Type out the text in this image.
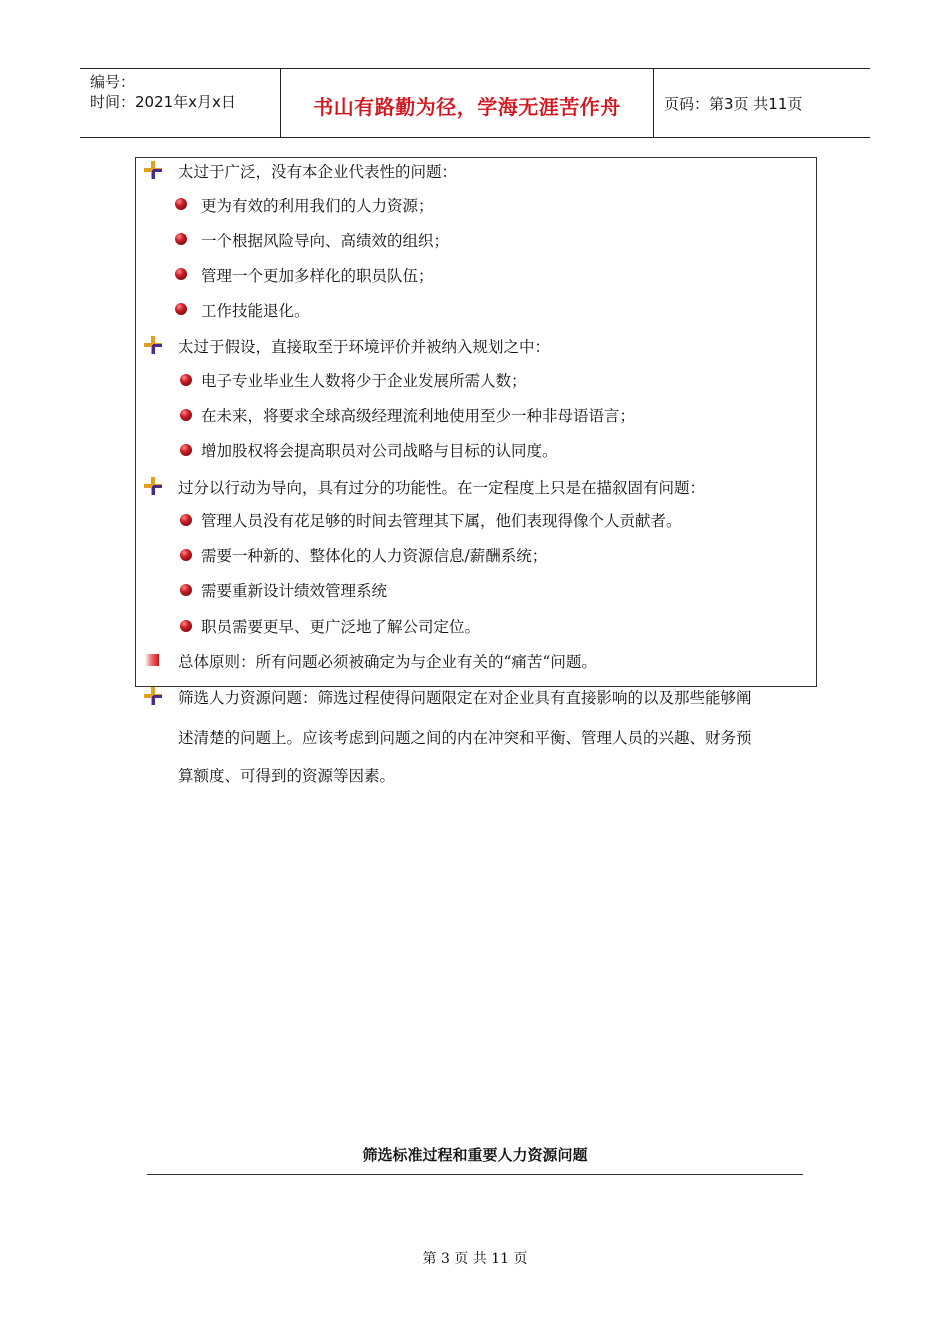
编号：
时间：2021年x月x日	书山有路勤为径，学海无涯苦作舟	页码：第3页 共11页
太过于广泛，没有本企业代表性的问题：
更为有效的利用我们的人力资源；
一个根据风险导向、高绩效的组织；
管理一个更加多样化的职员队伍；
工作技能退化。
太过于假设，直接取至于环境评价并被纳入规划之中：
电子专业毕业生人数将少于企业发展所需人数；
在未来，将要求全球高级经理流利地使用至少一种非母语语言；
增加股权将会提高职员对公司战略与目标的认同度。
过分以行动为导向，具有过分的功能性。在一定程度上只是在描叙固有问题：
管理人员没有花足够的时间去管理其下属，他们表现得像个人贡献者。
需要一种新的、整体化的人力资源信息/薪酬系统；
需要重新设计绩效管理系统
职员需要更早、更广泛地了解公司定位。
总体原则：所有问题必须被确定为与企业有关的“痛苦“问题。
筛选人力资源问题：筛选过程使得问题限定在对企业具有直接影响的以及那些能够阐
述清楚的问题上。应该考虑到问题之间的内在冲突和平衡、管理人员的兴趣、财务预
算额度、可得到的资源等因素。
筛选标准过程和重要人力资源问题
第 3 页 共 11 页
